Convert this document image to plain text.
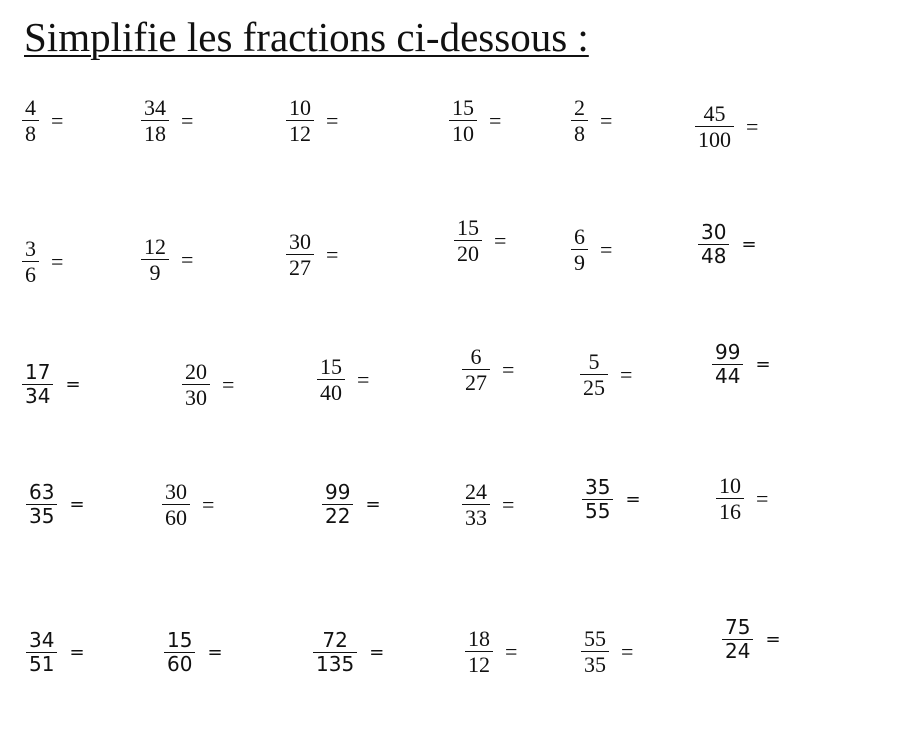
Simplifie les fractions ci-dessous :
$\frac{4}{8}$ =	$\frac{34}{18}$ =	$\frac{10}{12}$ =	$\frac{15}{10}$ =	$\frac{2}{8}$ =	$\frac{45}{100}$ =
$\frac{3}{6}$ =	$\frac{12}{9}$ =	$\frac{30}{27}$ =	$\frac{15}{20}$ =	$\frac{6}{9}$ =	$\frac{30}{48}$ =
$\frac{17}{34}$ =	$\frac{20}{30}$ =	$\frac{15}{40}$ =	$\frac{6}{27}$ =	$\frac{5}{25}$ =	$\frac{99}{44}$ =
$\frac{63}{35}$ =	$\frac{30}{60}$ =	$\frac{99}{22}$ =	$\frac{24}{33}$ =	$\frac{35}{55}$ =	$\frac{10}{16}$ =
$\frac{34}{51}$ =	$\frac{15}{60}$ =	$\frac{72}{135}$ =	$\frac{18}{12}$ =	$\frac{55}{35}$ =	$\frac{75}{24}$ =
